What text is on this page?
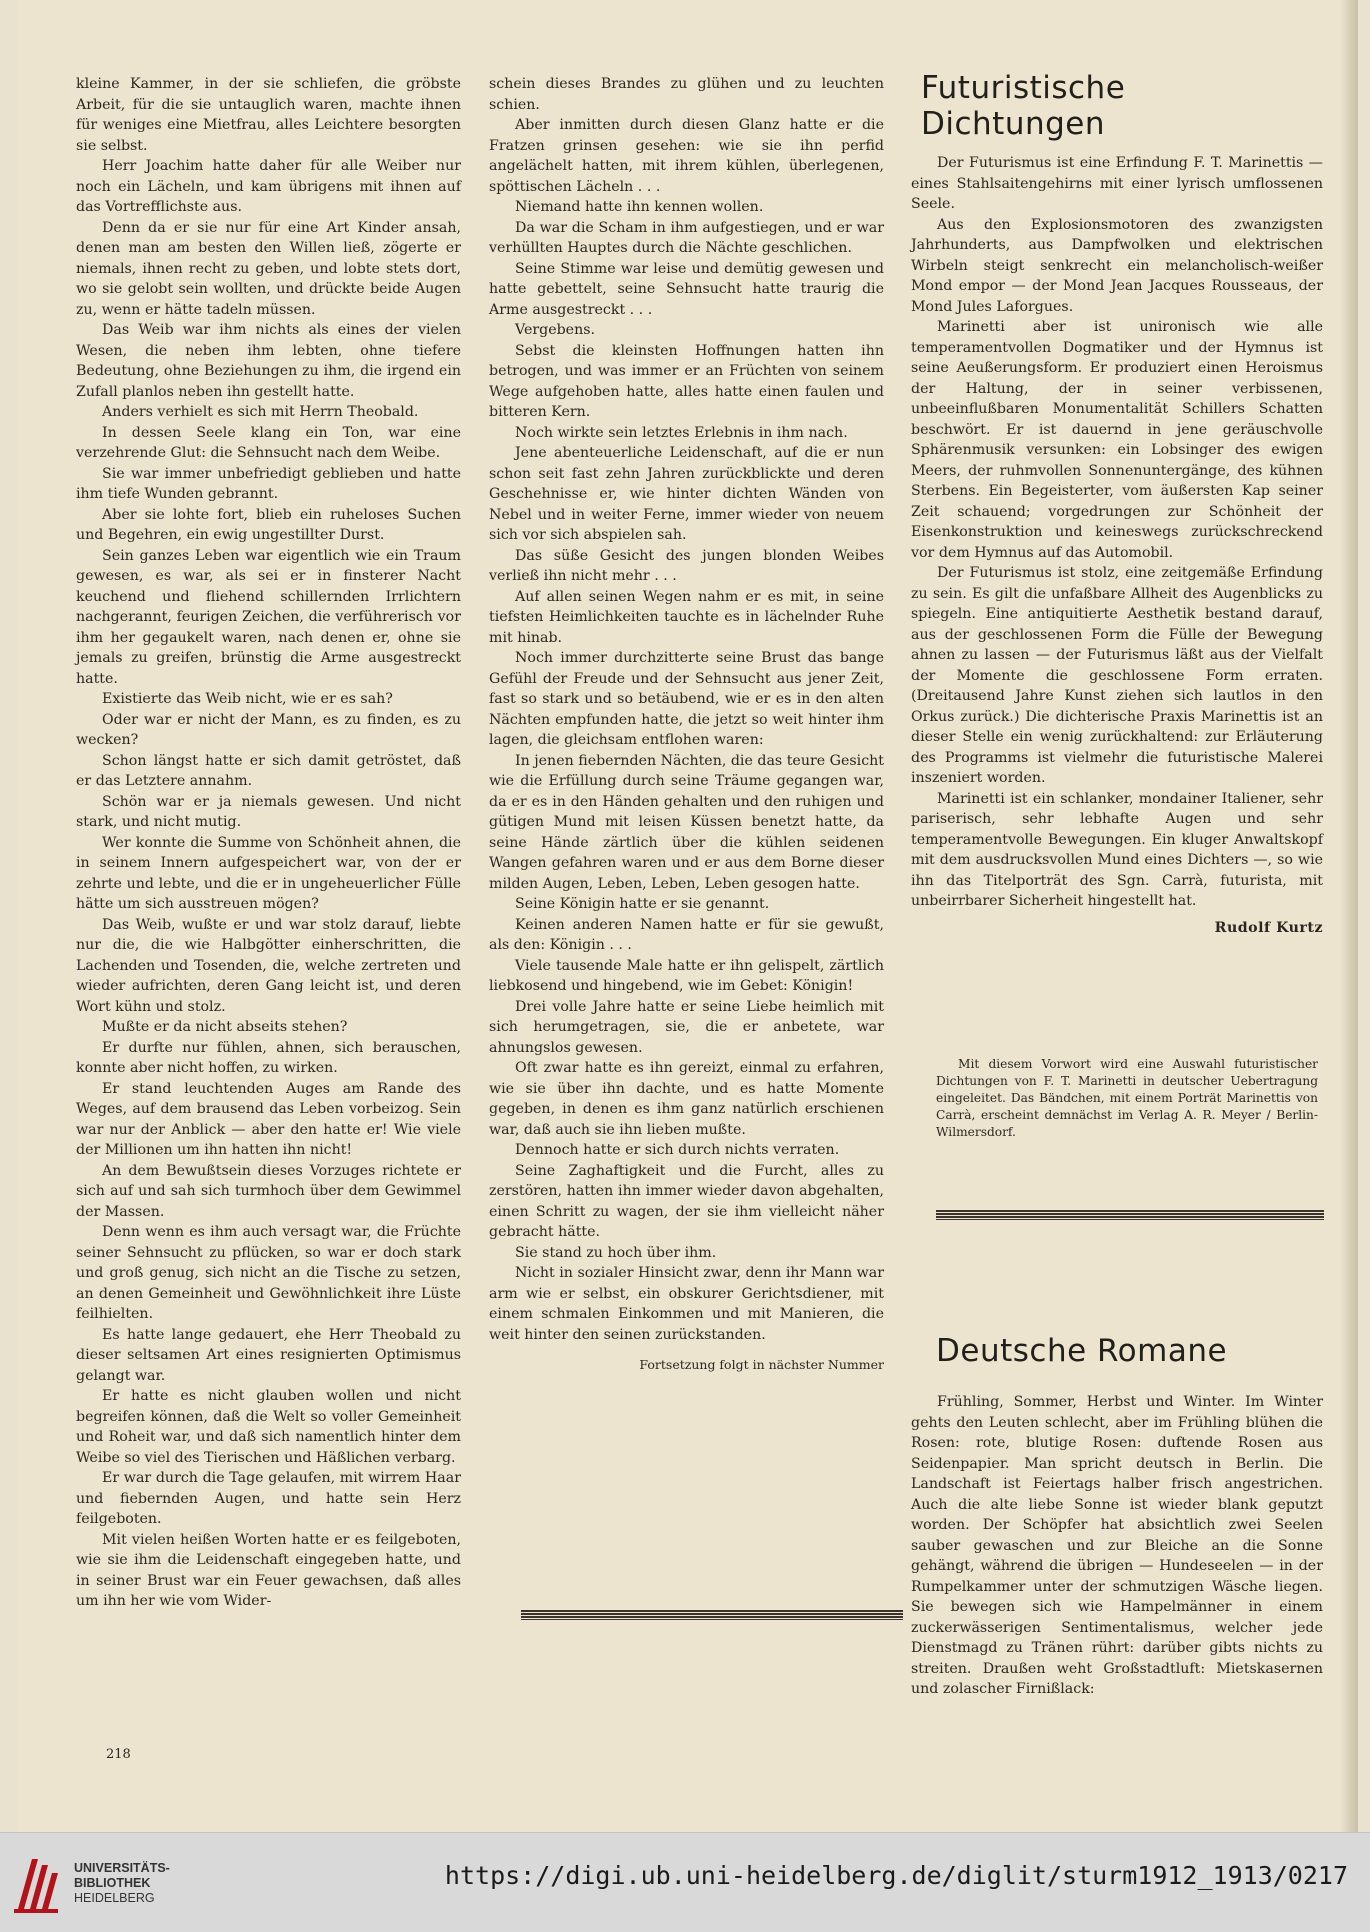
kleine Kammer, in der sie schliefen, die gröbste Arbeit, für die sie untauglich waren, machte ihnen für weniges eine Mietfrau, alles Leichtere besorgten sie selbst.

Herr Joachim hatte daher für alle Weiber nur noch ein Lächeln, und kam übrigens mit ihnen auf das Vortrefflichste aus.

Denn da er sie nur für eine Art Kinder ansah, denen man am besten den Willen ließ, zögerte er niemals, ihnen recht zu geben, und lobte stets dort, wo sie gelobt sein wollten, und drückte beide Augen zu, wenn er hätte tadeln müssen.

Das Weib war ihm nichts als eines der vielen Wesen, die neben ihm lebten, ohne tiefere Bedeutung, ohne Beziehungen zu ihm, die irgend ein Zufall planlos neben ihn gestellt hatte.

Anders verhielt es sich mit Herrn Theobald.

In dessen Seele klang ein Ton, war eine verzehrende Glut: die Sehnsucht nach dem Weibe.

Sie war immer unbefriedigt geblieben und hatte ihm tiefe Wunden gebrannt.

Aber sie lohte fort, blieb ein ruheloses Suchen und Begehren, ein ewig ungestillter Durst.

Sein ganzes Leben war eigentlich wie ein Traum gewesen, es war, als sei er in finsterer Nacht keuchend und fliehend schillernden Irrlichtern nachgerannt, feurigen Zeichen, die verführerisch vor ihm her gegaukelt waren, nach denen er, ohne sie jemals zu greifen, brünstig die Arme ausgestreckt hatte.

Existierte das Weib nicht, wie er es sah?

Oder war er nicht der Mann, es zu finden, es zu wecken?

Schon längst hatte er sich damit getröstet, daß er das Letztere annahm.

Schön war er ja niemals gewesen. Und nicht stark, und nicht mutig.

Wer konnte die Summe von Schönheit ahnen, die in seinem Innern aufgespeichert war, von der er zehrte und lebte, und die er in ungeheuerlicher Fülle hätte um sich ausstreuen mögen?

Das Weib, wußte er und war stolz darauf, liebte nur die, die wie Halbgötter einherschritten, die Lachenden und Tosenden, die, welche zertreten und wieder aufrichten, deren Gang leicht ist, und deren Wort kühn und stolz.

Mußte er da nicht abseits stehen?

Er durfte nur fühlen, ahnen, sich berauschen, konnte aber nicht hoffen, zu wirken.

Er stand leuchtenden Auges am Rande des Weges, auf dem brausend das Leben vorbeizog. Sein war nur der Anblick — aber den hatte er! Wie viele der Millionen um ihn hatten ihn nicht!

An dem Bewußtsein dieses Vorzuges richtete er sich auf und sah sich turmhoch über dem Gewimmel der Massen.

Denn wenn es ihm auch versagt war, die Früchte seiner Sehnsucht zu pflücken, so war er doch stark und groß genug, sich nicht an die Tische zu setzen, an denen Gemeinheit und Gewöhnlichkeit ihre Lüste feilhielten.

Es hatte lange gedauert, ehe Herr Theobald zu dieser seltsamen Art eines resignierten Optimismus gelangt war.

Er hatte es nicht glauben wollen und nicht begreifen können, daß die Welt so voller Gemeinheit und Roheit war, und daß sich namentlich hinter dem Weibe so viel des Tierischen und Häßlichen verbarg.

Er war durch die Tage gelaufen, mit wirrem Haar und fiebernden Augen, und hatte sein Herz feilgeboten.

Mit vielen heißen Worten hatte er es feilgeboten, wie sie ihm die Leidenschaft eingegeben hatte, und in seiner Brust war ein Feuer gewachsen, daß alles um ihn her wie vom Wider-

schein dieses Brandes zu glühen und zu leuchten schien.

Aber inmitten durch diesen Glanz hatte er die Fratzen grinsen gesehen: wie sie ihn perfid angelächelt hatten, mit ihrem kühlen, überlegenen, spöttischen Lächeln . . .

Niemand hatte ihn kennen wollen.

Da war die Scham in ihm aufgestiegen, und er war verhüllten Hauptes durch die Nächte geschlichen.

Seine Stimme war leise und demütig gewesen und hatte gebettelt, seine Sehnsucht hatte traurig die Arme ausgestreckt . . .

Vergebens.

Sebst die kleinsten Hoffnungen hatten ihn betrogen, und was immer er an Früchten von seinem Wege aufgehoben hatte, alles hatte einen faulen und bitteren Kern.

Noch wirkte sein letztes Erlebnis in ihm nach.

Jene abenteuerliche Leidenschaft, auf die er nun schon seit fast zehn Jahren zurückblickte und deren Geschehnisse er, wie hinter dichten Wänden von Nebel und in weiter Ferne, immer wieder von neuem sich vor sich abspielen sah.

Das süße Gesicht des jungen blonden Weibes verließ ihn nicht mehr . . .

Auf allen seinen Wegen nahm er es mit, in seine tiefsten Heimlichkeiten tauchte es in lächelnder Ruhe mit hinab.

Noch immer durchzitterte seine Brust das bange Gefühl der Freude und der Sehnsucht aus jener Zeit, fast so stark und so betäubend, wie er es in den alten Nächten empfunden hatte, die jetzt so weit hinter ihm lagen, die gleichsam entflohen waren:

In jenen fiebernden Nächten, die das teure Gesicht wie die Erfüllung durch seine Träume gegangen war, da er es in den Händen gehalten und den ruhigen und gütigen Mund mit leisen Küssen benetzt hatte, da seine Hände zärtlich über die kühlen seidenen Wangen gefahren waren und er aus dem Borne dieser milden Augen, Leben, Leben, Leben gesogen hatte.

Seine Königin hatte er sie genannt.

Keinen anderen Namen hatte er für sie gewußt, als den: Königin . . .

Viele tausende Male hatte er ihn gelispelt, zärtlich liebkosend und hingebend, wie im Gebet: Königin!

Drei volle Jahre hatte er seine Liebe heimlich mit sich herumgetragen, sie, die er anbetete, war ahnungslos gewesen.

Oft zwar hatte es ihn gereizt, einmal zu erfahren, wie sie über ihn dachte, und es hatte Momente gegeben, in denen es ihm ganz natürlich erschienen war, daß auch sie ihn lieben mußte.

Dennoch hatte er sich durch nichts verraten.

Seine Zaghaftigkeit und die Furcht, alles zu zerstören, hatten ihn immer wieder davon abgehalten, einen Schritt zu wagen, der sie ihm vielleicht näher gebracht hätte.

Sie stand zu hoch über ihm.

Nicht in sozialer Hinsicht zwar, denn ihr Mann war arm wie er selbst, ein obskurer Gerichtsdiener, mit einem schmalen Einkommen und mit Manieren, die weit hinter den seinen zurückstanden.

Fortsetzung folgt in nächster Nummer
Futuristische
Dichtungen

Der Futurismus ist eine Erfindung F. T. Marinettis — eines Stahlsaitengehirns mit einer lyrisch umflossenen Seele.

Aus den Explosionsmotoren des zwanzigsten Jahrhunderts, aus Dampfwolken und elektrischen Wirbeln steigt senkrecht ein melancholisch-weißer Mond empor — der Mond Jean Jacques Rousseaus, der Mond Jules Laforgues.

Marinetti aber ist unironisch wie alle temperamentvollen Dogmatiker und der Hymnus ist seine Aeußerungsform. Er produziert einen Heroismus der Haltung, der in seiner verbissenen, unbeeinflußbaren Monumentalität Schillers Schatten beschwört. Er ist dauernd in jene geräuschvolle Sphärenmusik versunken: ein Lobsinger des ewigen Meers, der ruhmvollen Sonnenuntergänge, des kühnen Sterbens. Ein Begeisterter, vom äußersten Kap seiner Zeit schauend; vorgedrungen zur Schönheit der Eisenkonstruktion und keineswegs zurückschreckend vor dem Hymnus auf das Automobil.

Der Futurismus ist stolz, eine zeitgemäße Erfindung zu sein. Es gilt die unfaßbare Allheit des Augenblicks zu spiegeln. Eine antiquitierte Aesthetik bestand darauf, aus der geschlossenen Form die Fülle der Bewegung ahnen zu lassen — der Futurismus läßt aus der Vielfalt der Momente die geschlossene Form erraten. (Dreitausend Jahre Kunst ziehen sich lautlos in den Orkus zurück.) Die dichterische Praxis Marinettis ist an dieser Stelle ein wenig zurückhaltend: zur Erläuterung des Programms ist vielmehr die futuristische Malerei inszeniert worden.

Marinetti ist ein schlanker, mondainer Italiener, sehr pariserisch, sehr lebhafte Augen und sehr temperamentvolle Bewegungen. Ein kluger Anwaltskopf mit dem ausdrucksvollen Mund eines Dichters —, so wie ihn das Titelporträt des Sgn. Carrà, futurista, mit unbeirrbarer Sicherheit hingestellt hat.

Rudolf Kurtz

Mit diesem Vorwort wird eine Auswahl futuristischer Dichtungen von F. T. Marinetti in deutscher Uebertragung eingeleitet. Das Bändchen, mit einem Porträt Marinettis von Carrà, erscheint demnächst im Verlag A. R. Meyer / Berlin-Wilmersdorf.

Deutsche Romane

Frühling, Sommer, Herbst und Winter. Im Winter gehts den Leuten schlecht, aber im Frühling blühen die Rosen: rote, blutige Rosen: duftende Rosen aus Seidenpapier. Man spricht deutsch in Berlin. Die Landschaft ist Feiertags halber frisch angestrichen. Auch die alte liebe Sonne ist wieder blank geputzt worden. Der Schöpfer hat absichtlich zwei Seelen sauber gewaschen und zur Bleiche an die Sonne gehängt, während die übrigen — Hundeseelen — in der Rumpelkammer unter der schmutzigen Wäsche liegen. Sie bewegen sich wie Hampelmänner in einem zuckerwässerigen Sentimentalismus, welcher jede Dienstmagd zu Tränen rührt: darüber gibts nichts zu streiten. Draußen weht Großstadtluft: Mietskasernen und zolascher Firnißlack:

218
UNIVERSITÄTS-
BIBLIOTHEK
HEIDELBERG
https://digi.ub.uni-heidelberg.de/diglit/sturm1912_1913/0217
